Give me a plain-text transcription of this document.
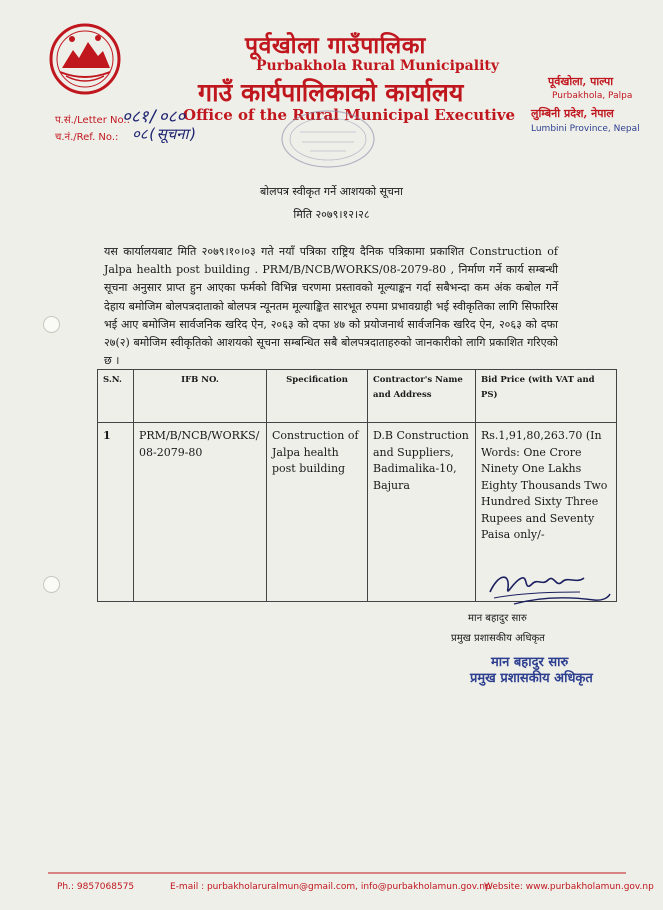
पूर्वखोला गाउँपालिका
Purbakhola Rural Municipality
गाउँ कार्यपालिकाको कार्यालय
Office of the Rural Municipal Executive
पूर्वखोला, पाल्पा
Purbakhola, Palpa
लुम्बिनी प्रदेश, नेपाल
Lumbini Province, Nepal
प.सं./Letter No.:
०८१/०८०
च.नं./Ref. No.: ०८(सूचना)
बोलपत्र स्वीकृत गर्ने आशयको सूचना
मिति २०७९।१२।२८

यस कार्यालयबाट मिति २०७९।१०।०३ गते नयाँ पत्रिका राष्ट्रिय दैनिक पत्रिकामा प्रकाशित Construction of Jalpa health post building . PRM/B/NCB/WORKS/08-2079-80 , निर्माण गर्ने कार्य सम्बन्धी सूचना अनुसार प्राप्त हुन आएका फर्मको विभिन्न चरणमा प्रस्तावको मूल्याङ्कन गर्दा सबैभन्दा कम अंक कबोल गर्ने देहाय बमोजिम बोलपत्रदाताको बोलपत्र न्यूनतम मूल्याङ्कित सारभूत रुपमा प्रभावग्राही भई स्वीकृतिका लागि सिफारिस भई आए बमोजिम सार्वजनिक खरिद ऐन, २०६३ को दफा ४७ को प्रयोजनार्थ सार्वजनिक खरिद ऐन, २०६३ को दफा २७(२) बमोजिम स्वीकृतिको आशयको सूचना सम्बन्धित सबै बोलपत्रदाताहरुको जानकारीको लागि प्रकाशित गरिएको छ ।

S.N.	IFB NO.	Specification	Contractor's Name and Address	Bid Price (with VAT and PS)
1	PRM/B/NCB/WORKS/ 08-2079-80	Construction of Jalpa health post building	D.B Construction and Suppliers, Badimalika-10, Bajura	Rs.1,91,80,263.70 (In Words: One Crore Ninety One Lakhs Eighty Thousands Two Hundred Sixty Three Rupees and Seventy Paisa only/-
मान बहादुर सारु
प्रमुख प्रशासकीय अधिकृत
मान बहादुर सारु
प्रमुख प्रशासकीय अधिकृत
Ph.: 9857068575	E-mail : purbakholaruralmun@gmail.com, info@purbakholamun.gov.np
Website: www.purbakholamun.gov.np
